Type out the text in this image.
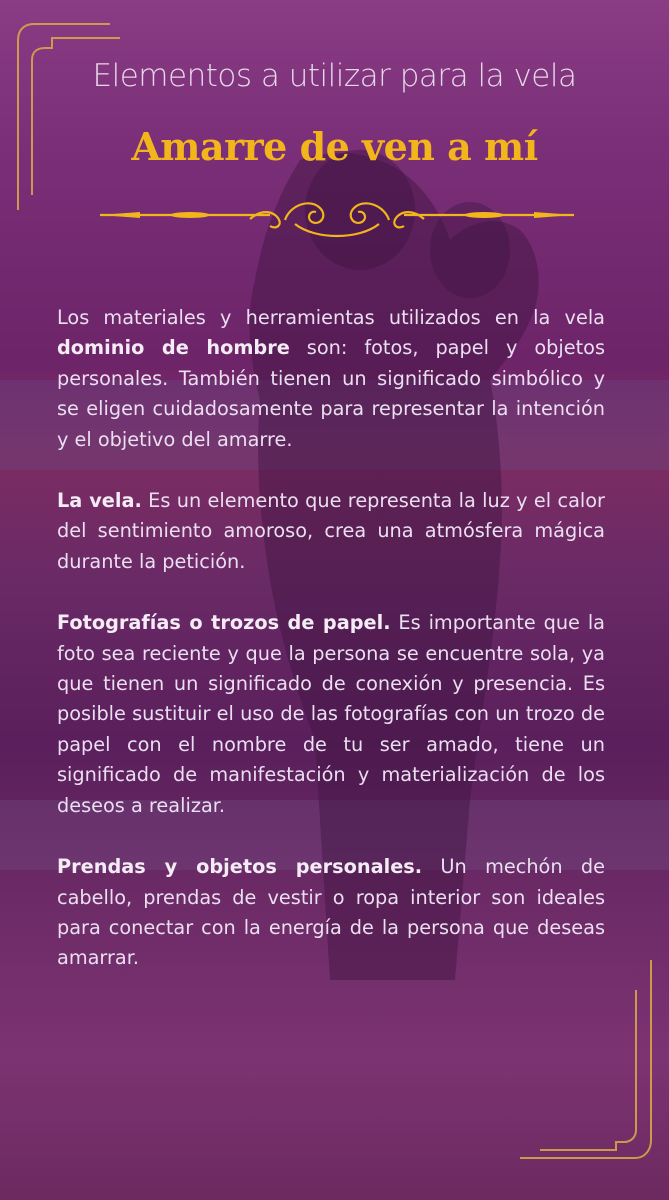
Elementos a utilizar para la vela
Amarre de ven a mí

Los materiales y herramientas utilizados en la vela dominio de hombre son: fotos, papel y objetos personales. También tienen un significado simbólico y se eligen cuidadosamente para representar la intención y el objetivo del amarre.

La vela. Es un elemento que representa la luz y el calor del sentimiento amoroso, crea una atmósfera mágica durante la petición.

Fotografías o trozos de papel. Es importante que la foto sea reciente y que la persona se encuentre sola, ya que tienen un significado de conexión y presencia. Es posible sustituir el uso de las fotografías con un trozo de papel con el nombre de tu ser amado, tiene un significado de manifestación y materialización de los deseos a realizar.

Prendas y objetos personales. Un mechón de cabello, prendas de vestir o ropa interior son ideales para conectar con la energía de la persona que deseas amarrar.
